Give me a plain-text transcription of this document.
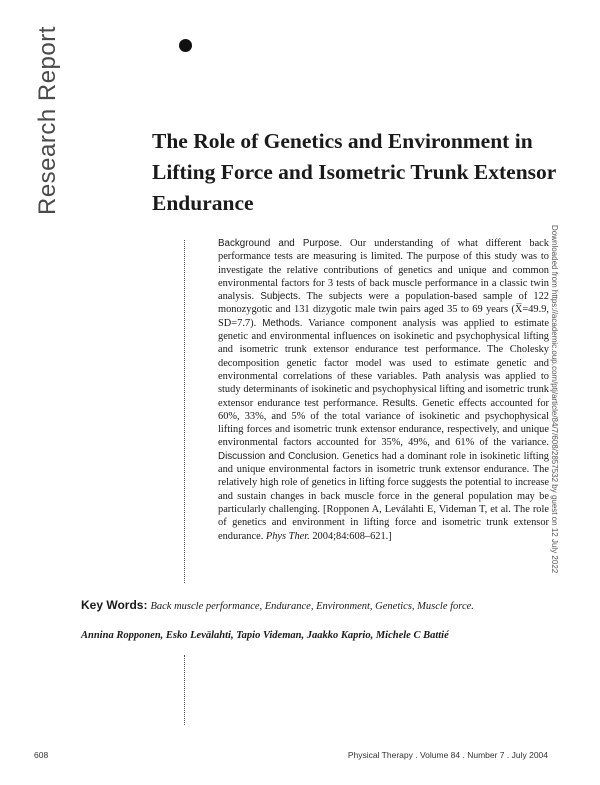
Research Report	The Role of Genetics and Environment in Lifting Force and Isometric Trunk Extensor Endurance
Downloaded from https://academic.oup.com/ptj/article/84/7/608/2857532 by guest on 12 July 2022

Background and Purpose. Our understanding of what different back performance tests are measuring is limited. The purpose of this study was to investigate the relative contributions of genetics and unique and common environmental factors for 3 tests of back muscle performance in a classic twin analysis. Subjects. The subjects were a population-based sample of 122 monozygotic and 131 dizygotic male twin pairs aged 35 to 69 years (X̅=49.9, SD=7.7). Methods. Variance component analysis was applied to estimate genetic and environmental influences on isokinetic and psychophysical lifting and isometric trunk extensor endurance test performance. The Cholesky decomposition genetic factor model was used to estimate genetic and environmental correlations of these variables. Path analysis was applied to study determinants of isokinetic and psychophysical lifting and isometric trunk extensor endurance test performance. Results. Genetic effects accounted for 60%, 33%, and 5% of the total variance of isokinetic and psychophysical lifting forces and isometric trunk extensor endurance, respectively, and unique environmental factors accounted for 35%, 49%, and 61% of the variance. Discussion and Conclusion. Genetics had a dominant role in isokinetic lifting and unique environmental factors in isometric trunk extensor endurance. The relatively high role of genetics in lifting force suggests the potential to increase and sustain changes in back muscle force in the general population may be particularly challenging. [Ropponen A, Leválahti E, Videman T, et al. The role of genetics and environment in lifting force and isometric trunk extensor endurance. Phys Ther. 2004;84:608–621.]

Key Words: Back muscle performance, Endurance, Environment, Genetics, Muscle force.
Annina Ropponen, Esko Levälahti, Tapio Videman, Jaakko Kaprio, Michele C Battié
608	Physical Therapy . Volume 84 . Number 7 . July 2004
